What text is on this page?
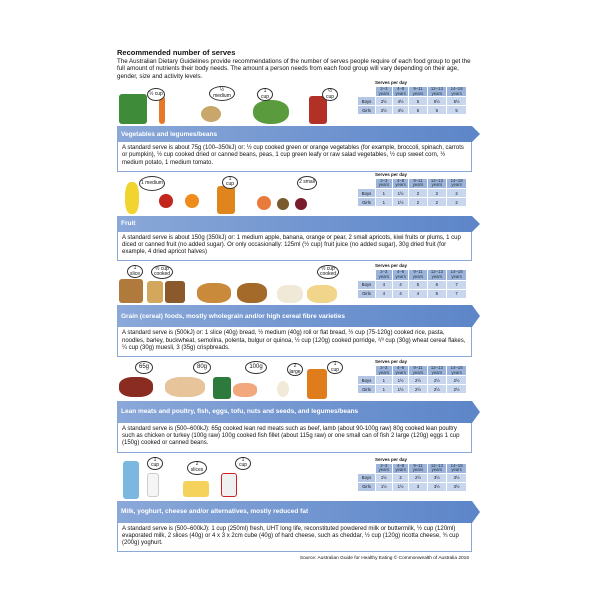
Recommended number of serves
The Australian Dietary Guidelines provide recommendations of the number of serves people require of each food group to get the full amount of nutrients their body needs. The amount a person needs from each food group will vary depending on their age, gender, size and activity levels.
½ cup
½ medium
1 cup
½ cup
Serves per day
	2–3 years	4–8 years	9–11 years	12–13 years	14–18 years
Boys	2½	4½	5	5½	5½
Girls	2½	4½	5	5	5
Vegetables and legumes/beans
A standard serve is about 75g (100–350kJ) or: ½ cup cooked green or orange vegetables (for example, broccoli, spinach, carrots or pumpkin), ½ cup cooked dried or canned beans, peas, 1 cup green leafy or raw salad vegetables, ½ cup sweet corn, ½ medium potato, 1 medium tomato.
1 medium
1 cup	2 small
Serves per day
	2–3 years	4–8 years	9–11 years	12–13 years	14–18 years
Boys	1	1½	2	2	2
Girls	1	1½	2	2	2
Fruit
A standard serve is about 150g (350kJ) or: 1 medium apple, banana, orange or pear, 2 small apricots, kiwi fruits or plums, 1 cup diced or canned fruit (no added sugar). Or only occasionally: 125ml (½ cup) fruit juice (no added sugar), 30g dried fruit (for example, 4 dried apricot halves)
1 slice
½ cup cooked
½ cup cooked
Serves per day
	2–3 years	4–8 years	9–11 years	12–13 years	14–18 years
Boys	4	4	5	6	7
Girls	4	4	4	5	7
Grain (cereal) foods, mostly wholegrain and/or high cereal fibre varieties
A standard serve is (500kJ) or: 1 slice (40g) bread, ½ medium (40g) roll or flat bread, ½ cup (75-120g) cooked rice, pasta, noodles, barley, buckwheat, semolina, polenta, bulgur or quinoa, ½ cup (120g) cooked porridge, ²/³ cup (30g) wheat cereal flakes, ¼ cup (30g) muesli, 3 (35g) crispbreads.
65g	80g	100g	2 large
1 cup
Serves per day
	2–3 years	4–8 years	9–11 years	12–13 years	14–18 years
Boys	1	1½	2½	2½	2½
Girls	1	1½	2½	2½	2½
Lean meats and poultry, fish, eggs, tofu, nuts and seeds, and legumes/beans
A standard serve is (500–600kJ): 65g cooked lean red meats such as beef, lamb (about 90-100g raw) 80g cooked lean poultry such as chicken or turkey (100g raw) 100g cooked fish fillet (about 115g raw) or one small can of fish 2 large (120g) eggs 1 cup (150g) cooked or canned beans.
1 cup	2 slices
1 cup
Serves per day
	2–3 years	4–8 years	9–11 years	12–13 years	14–18 years
Boys	1½	2	2½	3½	3½
Girls	1½	1½	3	3½	3½
Milk, yoghurt, cheese and/or alternatives, mostly reduced fat
A standard serve is (500–600kJ): 1 cup (250ml) fresh, UHT long life, reconstituted powdered milk or buttermilk, ½ cup (120ml) evaporated milk, 2 slices (40g) or 4 x 3 x 2cm cube (40g) of hard cheese, such as cheddar, ½ cup (120g) ricotta cheese, ¾ cup (200g) yoghurt.
Source: Australian Guide for Healthy Eating © Commonwealth of Australia 2016
